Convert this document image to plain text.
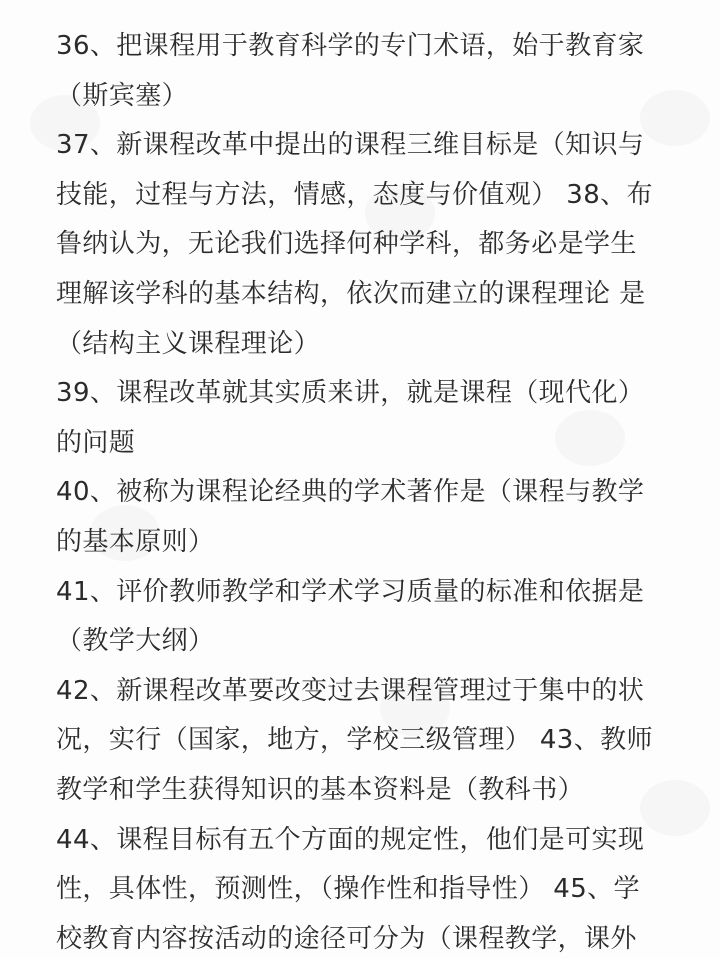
36、把课程用于教育科学的专门术语，始于教育家
（斯宾塞）
37、新课程改革中提出的课程三维目标是（知识与
技能，过程与方法，情感，态度与价值观） 38、布
鲁纳认为，无论我们选择何种学科，都务必是学生
理解该学科的基本结构，依次而建立的课程理论 是
（结构主义课程理论）
39、课程改革就其实质来讲，就是课程（现代化）
的问题
40、被称为课程论经典的学术著作是（课程与教学
的基本原则）
41、评价教师教学和学术学习质量的标准和依据是
（教学大纲）
42、新课程改革要改变过去课程管理过于集中的状
况，实行（国家，地方，学校三级管理） 43、教师
教学和学生获得知识的基本资料是（教科书）
44、课程目标有五个方面的规定性，他们是可实现
性，具体性，预测性，（操作性和指导性） 45、学
校教育内容按活动的途径可分为（课程教学，课外
